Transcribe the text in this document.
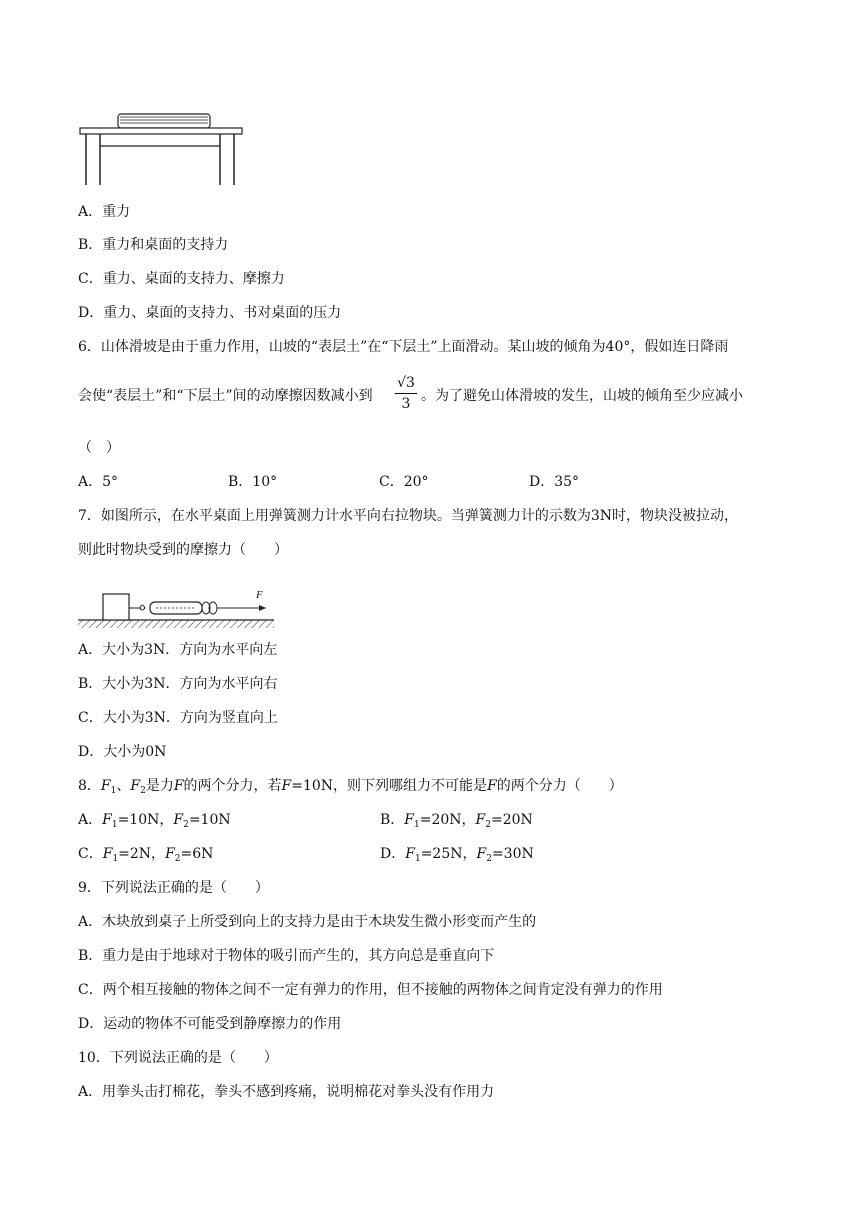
A．重力
B．重力和桌面的支持力
C．重力、桌面的支持力、摩擦力
D．重力、桌面的支持力、书对桌面的压力
6．山体滑坡是由于重力作用，山坡的“表层土”在“下层土”上面滑动。某山坡的倾角为40°，假如连日降雨
会使“表层土”和“下层土”间的动摩擦因数减小到
√3
3 。为了避免山体滑坡的发生，山坡的倾角至少应减小
（　）
A．5°	B．10°	C．20°	D．35°
7．如图所示，在水平桌面上用弹簧测力计水平向右拉物块。当弹簧测力计的示数为3N时，物块没被拉动，
则此时物块受到的摩擦力（　　）
F
A．大小为3N．方向为水平向左
B．大小为3N．方向为水平向右
C．大小为3N．方向为竖直向上
D．大小为0N
8．$F_1$、$F_2$是力F的两个分力，若F=10N，则下列哪组力不可能是F的两个分力（　　）
A．$F_1=10N$，$F_2=10N$	B．$F_1=20N$，$F_2=20N$
C．$F_1=2N$，$F_2=6N$	D．$F_1=25N$，$F_2=30N$
9．下列说法正确的是（　　）
A．木块放到桌子上所受到向上的支持力是由于木块发生微小形变而产生的
B．重力是由于地球对于物体的吸引而产生的，其方向总是垂直向下
C．两个相互接触的物体之间不一定有弹力的作用，但不接触的两物体之间肯定没有弹力的作用
D．运动的物体不可能受到静摩擦力的作用
10．下列说法正确的是（　　）
A．用拳头击打棉花，拳头不感到疼痛，说明棉花对拳头没有作用力
